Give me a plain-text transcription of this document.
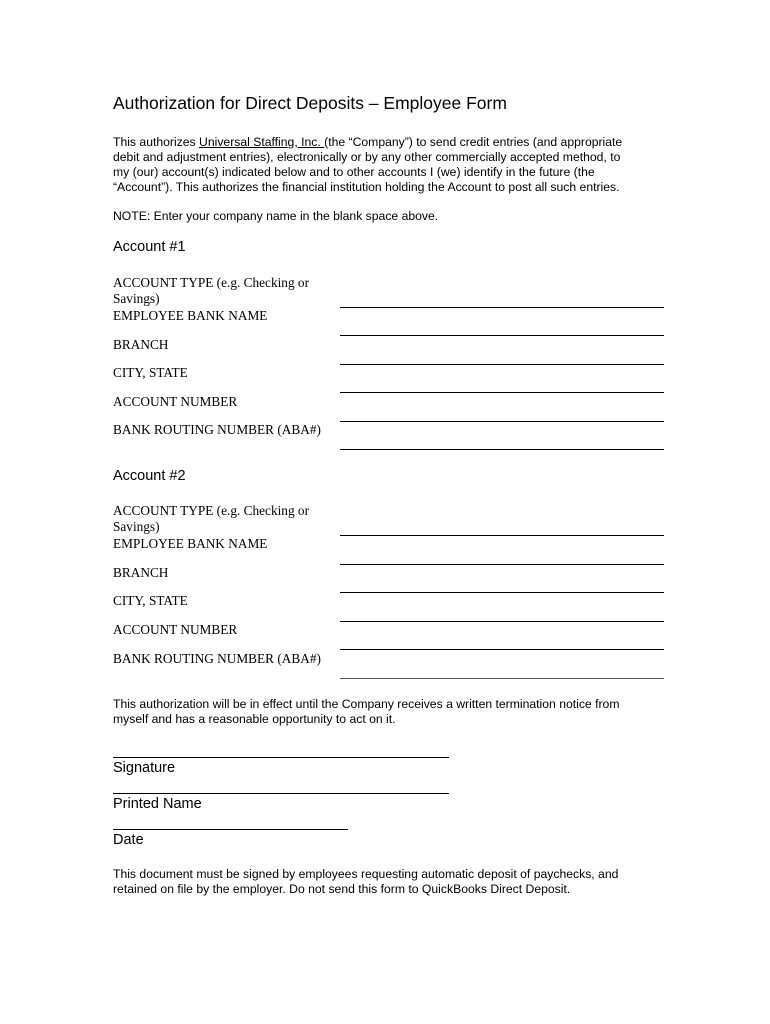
Authorization for Direct Deposits – Employee Form
This authorizes Universal Staffing, Inc. (the “Company”) to send credit entries (and appropriate
debit and adjustment entries), electronically or by any other commercially accepted method, to
my (our) account(s) indicated below and to other accounts I (we) identify in the future (the
“Account”). This authorizes the financial institution holding the Account to post all such entries.
NOTE: Enter your company name in the blank space above.
Account #1
ACCOUNT TYPE (e.g. Checking or
Savings)
EMPLOYEE BANK NAME
BRANCH
CITY, STATE
ACCOUNT NUMBER
BANK ROUTING NUMBER (ABA#)
Account #2
ACCOUNT TYPE (e.g. Checking or
Savings)
EMPLOYEE BANK NAME
BRANCH
CITY, STATE
ACCOUNT NUMBER
BANK ROUTING NUMBER (ABA#)
This authorization will be in effect until the Company receives a written termination notice from
myself and has a reasonable opportunity to act on it.
Signature
Printed Name
Date
This document must be signed by employees requesting automatic deposit of paychecks, and
retained on file by the employer. Do not send this form to QuickBooks Direct Deposit.
